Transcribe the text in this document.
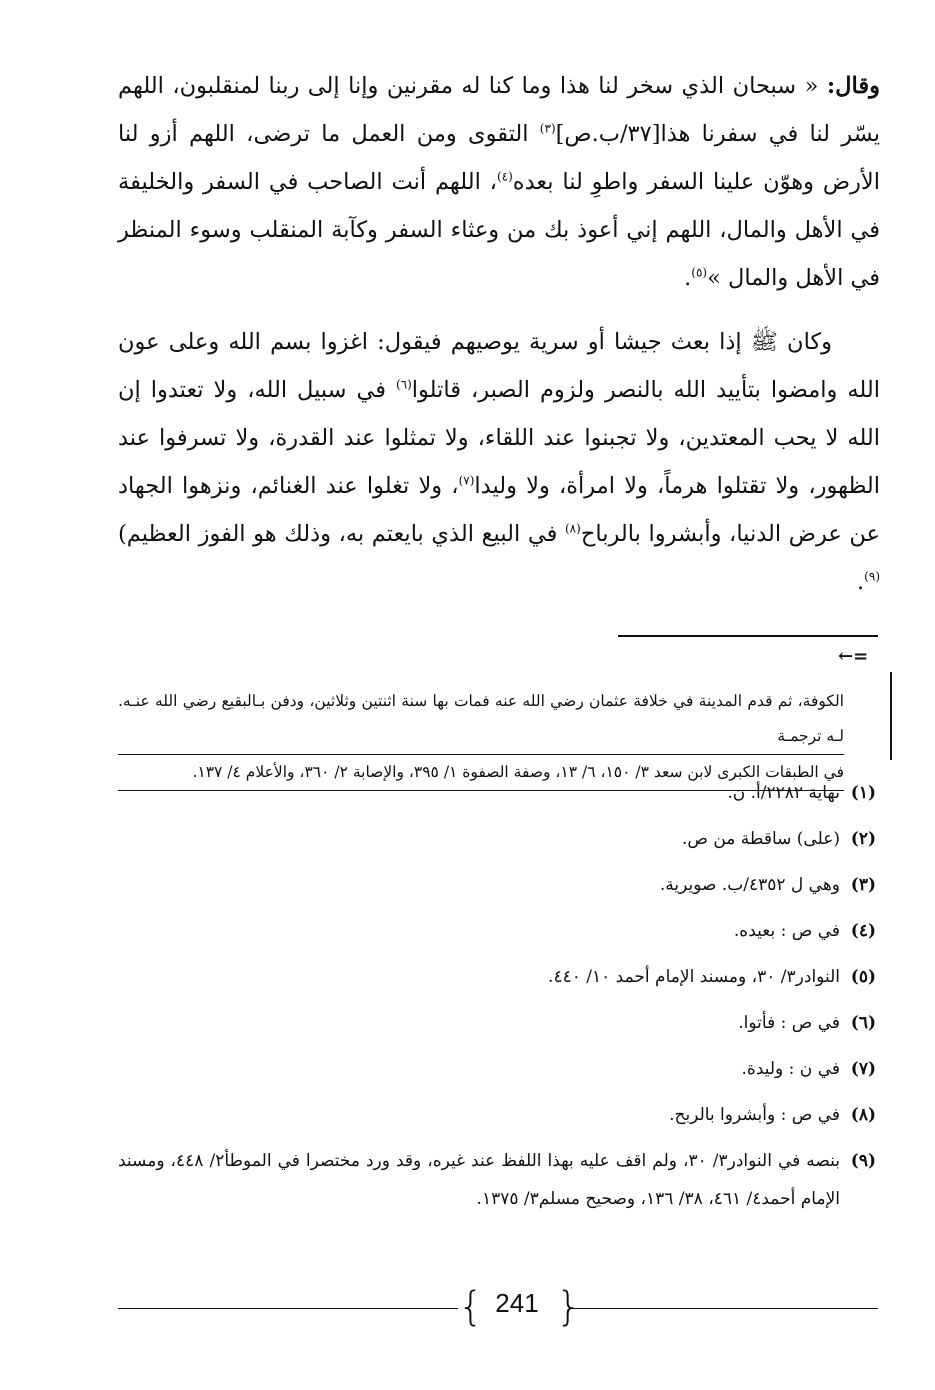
وقال: « سبحان الذي سخر لنا هذا وما كنا له مقرنين وإنا إلى ربنا لمنقلبون، اللهم يسّر لنا في سفرنا هذا[٣٧/ب.ص]$^{(٣)}$ التقوى ومن العمل ما ترضى، اللهم أزو لنا الأرض وهوّن علينا السفر واطوِ لنا بعده$^{(٤)}$، اللهم أنت الصاحب في السفر والخليفة في الأهل والمال، اللهم إني أعوذ بك من وعثاء السفر وكآبة المنقلب وسوء المنظر في الأهل والمال »$^{(٥)}$.

وكان ﷺ إذا بعث جيشا أو سرية يوصيهم فيقول: اغزوا بسم الله وعلى عون الله وامضوا بتأييد الله بالنصر ولزوم الصبر، قاتلوا$^{(٦)}$ في سبيل الله، ولا تعتدوا إن الله لا يحب المعتدين، ولا تجبنوا عند اللقاء، ولا تمثلوا عند القدرة، ولا تسرفوا عند الظهور، ولا تقتلوا هرماً، ولا امرأة، ولا وليدا$^{(٧)}$، ولا تغلوا عند الغنائم، ونزهوا الجهاد عن عرض الدنيا، وأبشروا بالرباح$^{(٨)}$ في البيع الذي بايعتم به، وذلك هو الفوز العظيم)$^{(٩)}$.

←=
الكوفة، ثم قدم المدينة في خلافة عثمان رضي الله عنه فمات بها سنة اثنتين وثلاثين، ودفن بـالبقيع رضي الله عنـه. لـه ترجمـة
في الطبقات الكبرى لابن سعد ٣/ ١٥٠، ٦/ ١٣، وصفة الصفوة ١/ ٣٩٥، والإصابة ٢/ ٣٦٠، والأعلام ٤/ ١٣٧.
(١)
نهاية ٢٢٨٢/أ. ن.
(٢)
(على) ساقطة من ص.
(٣)
وهي ل ٤٣٥٢/ب. صويرية.
(٤)
في ص : بعيده.
(٥)
النوادر٣/ ٣٠، ومسند الإمام أحمد ١٠/ ٤٤٠.
(٦)
في ص : فأتوا.
(٧)
في ن : وليدة.
(٨)
في ص : وأبشروا بالربح.
(٩)
بنصه في النوادر٣/ ٣٠، ولم اقف عليه بهذا اللفظ عند غيره، وقد ورد مختصرا في الموطأ٢/ ٤٤٨، ومسند الإمام أحمد٤/ ٤٦١، ٣٨/ ١٣٦، وصحيح مسلم٣/ ١٣٧٥.
{ }
241
